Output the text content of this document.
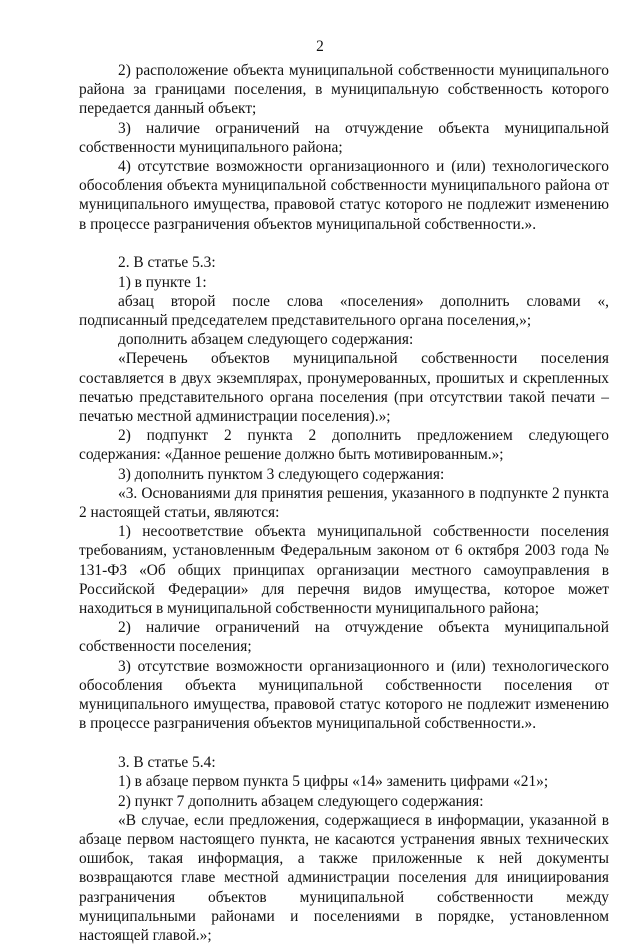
2

2) расположение объекта муниципальной собственности муниципального района за границами поселения, в муниципальную собственность которого передается данный объект;

3) наличие ограничений на отчуждение объекта муниципальной собственности муниципального района;

4) отсутствие возможности организационного и (или) технологического обособления объекта муниципальной собственности муниципального района от муниципального имущества, правовой статус которого не подлежит изменению в процессе разграничения объектов муниципальной собственности.».

2. В статье 5.3:

1) в пункте 1:

абзац второй после слова «поселения» дополнить словами «, подписанный председателем представительного органа поселения,»;

дополнить абзацем следующего содержания:

«Перечень объектов муниципальной собственности поселения составляется в двух экземплярах, пронумерованных, прошитых и скрепленных печатью представительного органа поселения (при отсутствии такой печати – печатью местной администрации поселения).»;

2) подпункт 2 пункта 2 дополнить предложением следующего содержания: «Данное решение должно быть мотивированным.»;

3) дополнить пунктом 3 следующего содержания:

«3. Основаниями для принятия решения, указанного в подпункте 2 пункта 2 настоящей статьи, являются:

1) несоответствие объекта муниципальной собственности поселения требованиям, установленным Федеральным законом от 6 октября 2003 года № 131-ФЗ «Об общих принципах организации местного самоуправления в Российской Федерации» для перечня видов имущества, которое может находиться в муниципальной собственности муниципального района;

2) наличие ограничений на отчуждение объекта муниципальной собственности поселения;

3) отсутствие возможности организационного и (или) технологического обособления объекта муниципальной собственности поселения от муниципального имущества, правовой статус которого не подлежит изменению в процессе разграничения объектов муниципальной собственности.».

3. В статье 5.4:

1) в абзаце первом пункта 5 цифры «14» заменить цифрами «21»;

2) пункт 7 дополнить абзацем следующего содержания:

«В случае, если предложения, содержащиеся в информации, указанной в абзаце первом настоящего пункта, не касаются устранения явных технических ошибок, такая информация, а также приложенные к ней документы возвращаются главе местной администрации поселения для инициирования разграничения объектов муниципальной собственности между муниципальными районами и поселениями в порядке, установленном настоящей главой.»;
